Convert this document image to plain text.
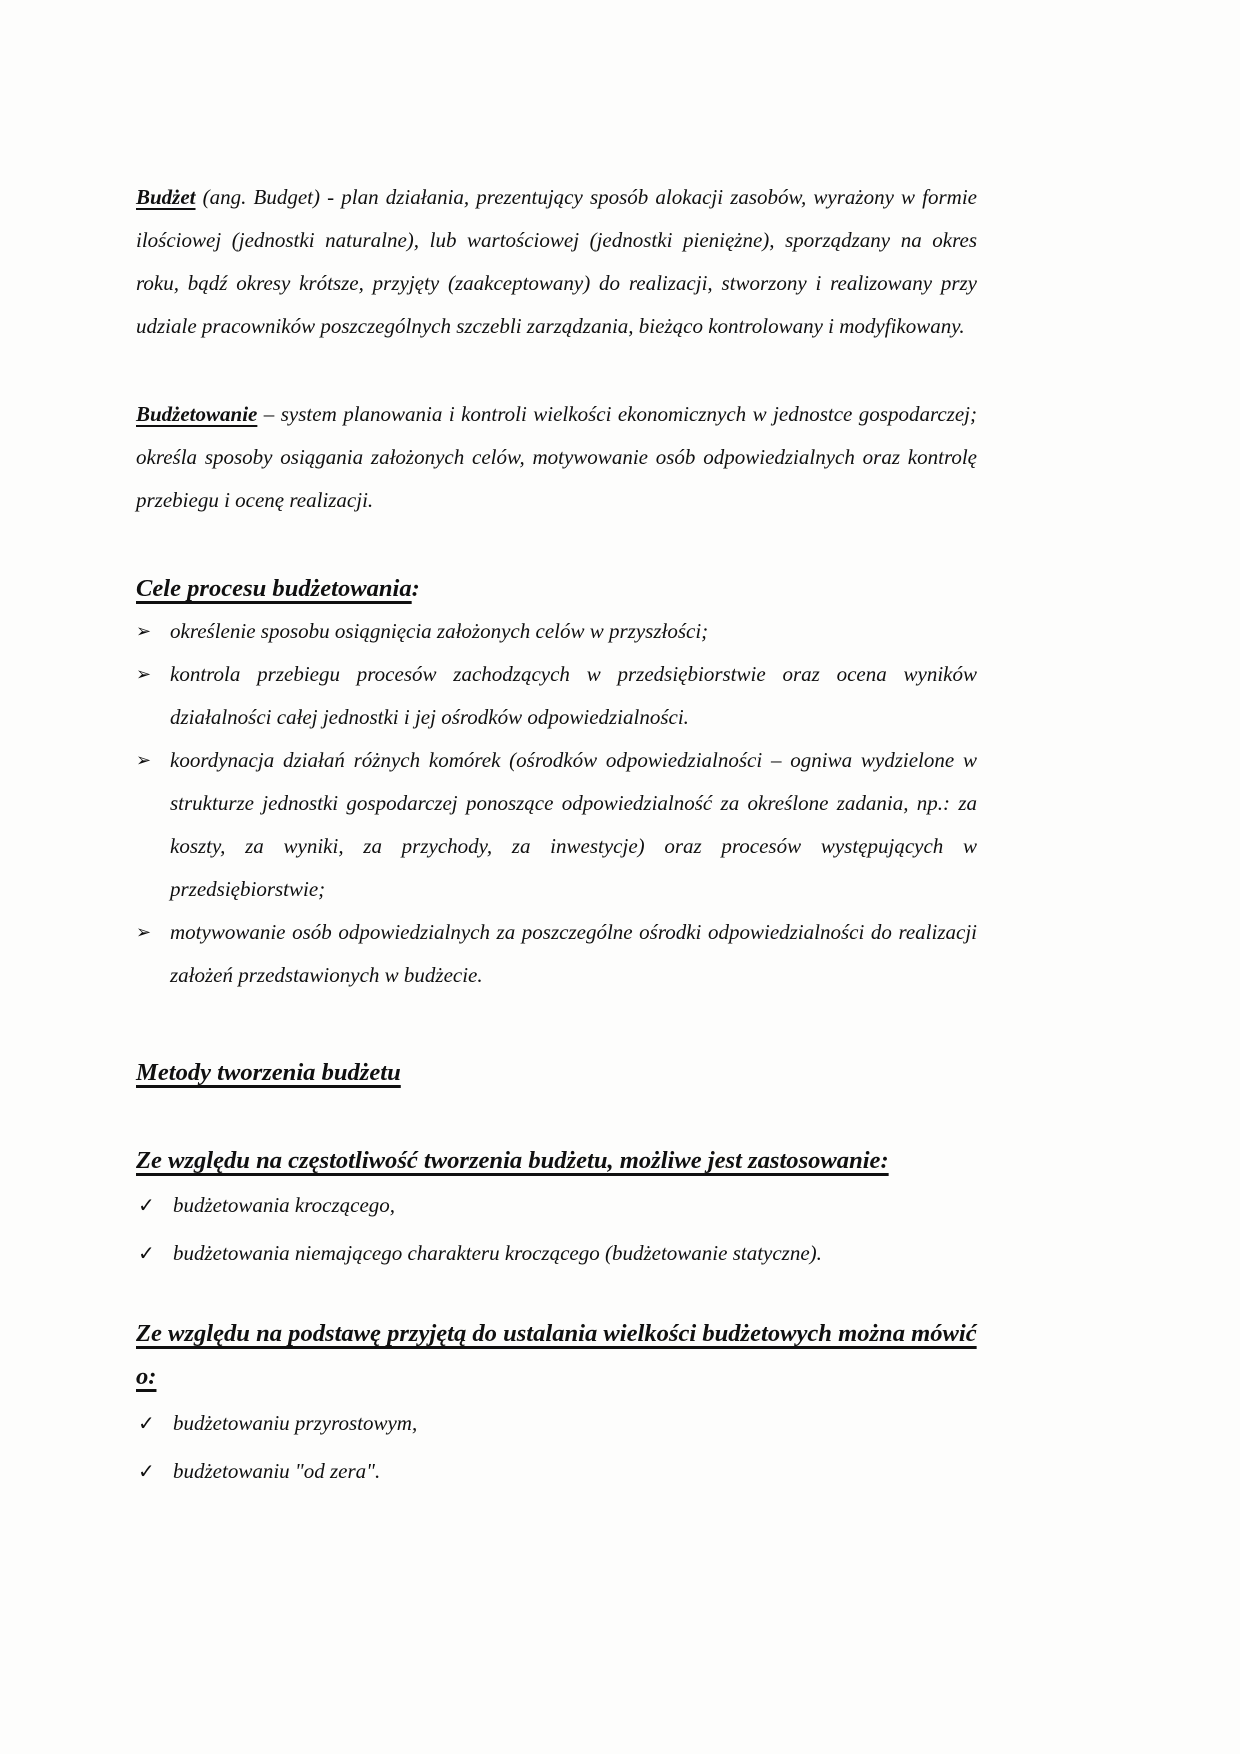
Budżet (ang. Budget) - plan działania, prezentujący sposób alokacji zasobów, wyrażony w formie ilościowej (jednostki naturalne), lub wartościowej (jednostki pieniężne), sporządzany na okres roku, bądź okresy krótsze, przyjęty (zaakceptowany) do realizacji, stworzony i realizowany przy udziale pracowników poszczególnych szczebli zarządzania, bieżąco kontrolowany i modyfikowany.

Budżetowanie – system planowania i kontroli wielkości ekonomicznych w jednostce gospodarczej; określa sposoby osiągania założonych celów, motywowanie osób odpowiedzialnych oraz kontrolę przebiegu i ocenę realizacji.

Cele procesu budżetowania:
➢ określenie sposobu osiągnięcia założonych celów w przyszłości;
➢ kontrola przebiegu procesów zachodzących w przedsiębiorstwie oraz ocena wyników działalności całej jednostki i jej ośrodków odpowiedzialności.
➢ koordynacja działań różnych komórek (ośrodków odpowiedzialności – ogniwa wydzielone w strukturze jednostki gospodarczej ponoszące odpowiedzialność za określone zadania, np.: za koszty, za wyniki, za przychody, za inwestycje) oraz procesów występujących w przedsiębiorstwie;
➢ motywowanie osób odpowiedzialnych za poszczególne ośrodki odpowiedzialności do realizacji założeń przedstawionych w budżecie.
Metody tworzenia budżetu
Ze względu na częstotliwość tworzenia budżetu, możliwe jest zastosowanie:
✓ budżetowania kroczącego,
✓ budżetowania niemającego charakteru kroczącego (budżetowanie statyczne).
Ze względu na podstawę przyjętą do ustalania wielkości budżetowych można mówić o:
✓ budżetowaniu przyrostowym,
✓ budżetowaniu "od zera".
